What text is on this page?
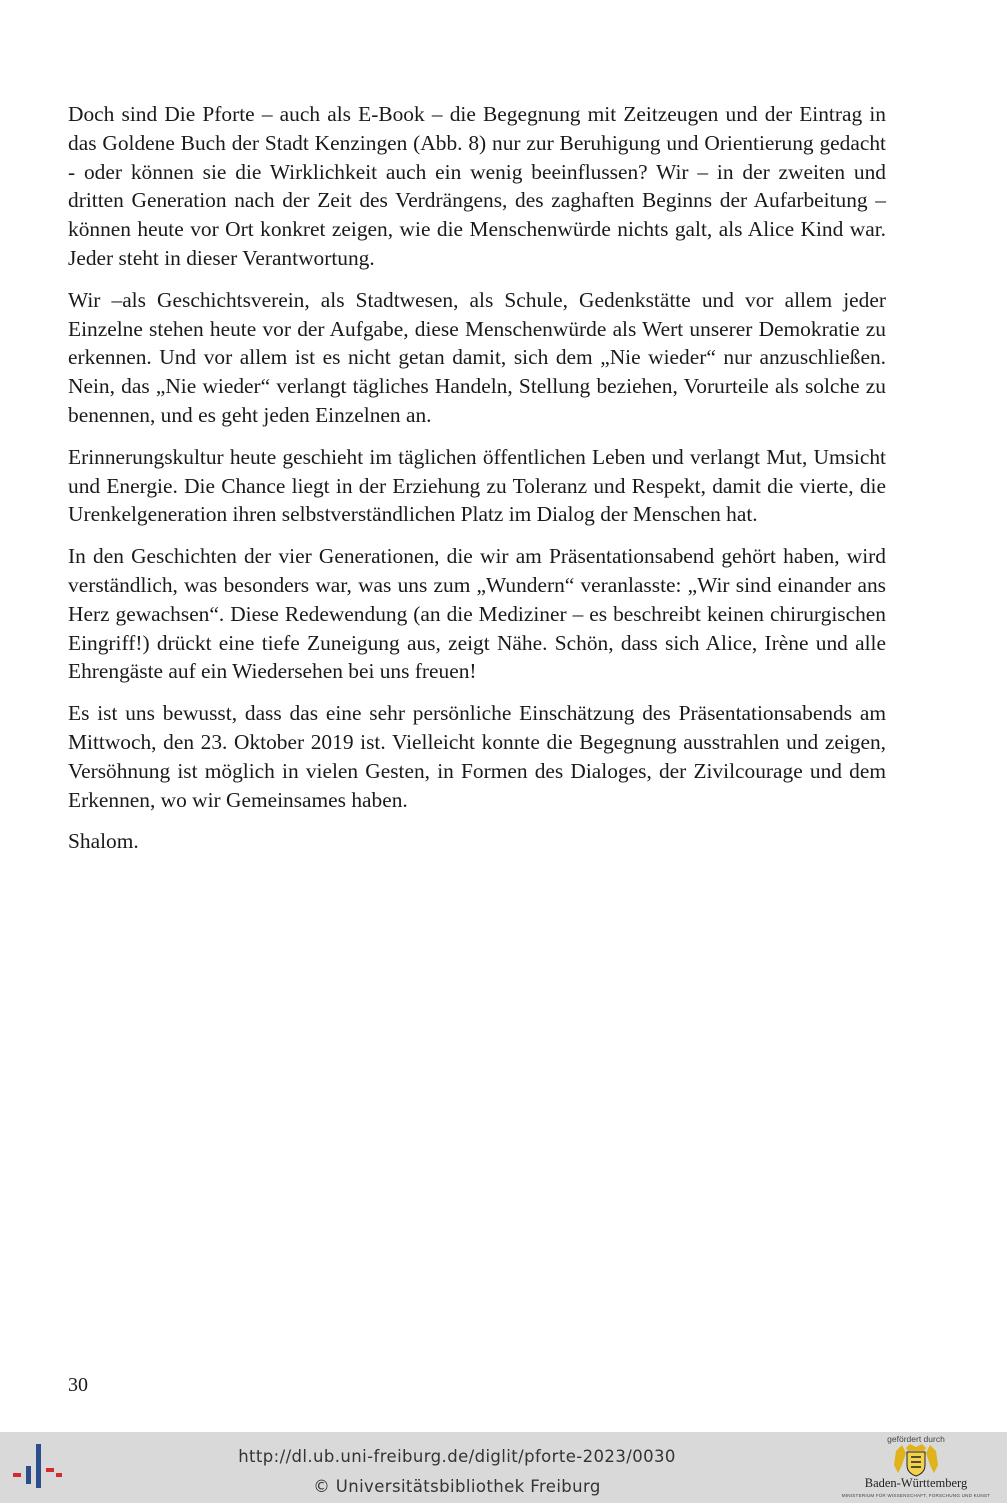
Doch sind Die Pforte – auch als E-Book – die Begegnung mit Zeitzeugen und der Eintrag in das Goldene Buch der Stadt Kenzingen (Abb. 8) nur zur Beruhigung und Orientierung gedacht - oder können sie die Wirklichkeit auch ein wenig beeinflussen? Wir – in der zweiten und dritten Generation nach der Zeit des Verdrängens, des zaghaften Beginns der Aufarbeitung – können heute vor Ort konkret zeigen, wie die Menschenwürde nichts galt, als Alice Kind war. Jeder steht in dieser Verantwortung.

Wir –als Geschichtsverein, als Stadtwesen, als Schule, Gedenkstätte und vor allem jeder Einzelne stehen heute vor der Aufgabe, diese Menschenwürde als Wert unserer Demokratie zu erkennen. Und vor allem ist es nicht getan damit, sich dem „Nie wieder“ nur anzuschließen. Nein, das „Nie wieder“ verlangt tägliches Handeln, Stellung beziehen, Vorurteile als solche zu benennen, und es geht jeden Einzelnen an.

Erinnerungskultur heute geschieht im täglichen öffentlichen Leben und verlangt Mut, Umsicht und Energie. Die Chance liegt in der Erziehung zu Toleranz und Respekt, damit die vierte, die Urenkelgeneration ihren selbstverständlichen Platz im Dialog der Menschen hat.

In den Geschichten der vier Generationen, die wir am Präsentationsabend gehört haben, wird verständlich, was besonders war, was uns zum „Wundern“ veranlasste: „Wir sind einander ans Herz gewachsen“. Diese Redewendung (an die Mediziner – es beschreibt keinen chirurgischen Eingriff!) drückt eine tiefe Zuneigung aus, zeigt Nähe. Schön, dass sich Alice, Irène und alle Ehrengäste auf ein Wiedersehen bei uns freuen!

Es ist uns bewusst, dass das eine sehr persönliche Einschätzung des Präsentationsabends am Mittwoch, den 23. Oktober 2019 ist. Vielleicht konnte die Begegnung ausstrahlen und zeigen, Versöhnung ist möglich in vielen Gesten, in Formen des Dialoges, der Zivilcourage und dem Erkennen, wo wir Gemeinsames haben.

Shalom.

30
http://dl.ub.uni-freiburg.de/diglit/pforte-2023/0030
© Universitätsbibliothek Freiburg
gefördert durch
Baden-Württemberg
MINISTERIUM FÜR WISSENSCHAFT, FORSCHUNG UND KUNST
